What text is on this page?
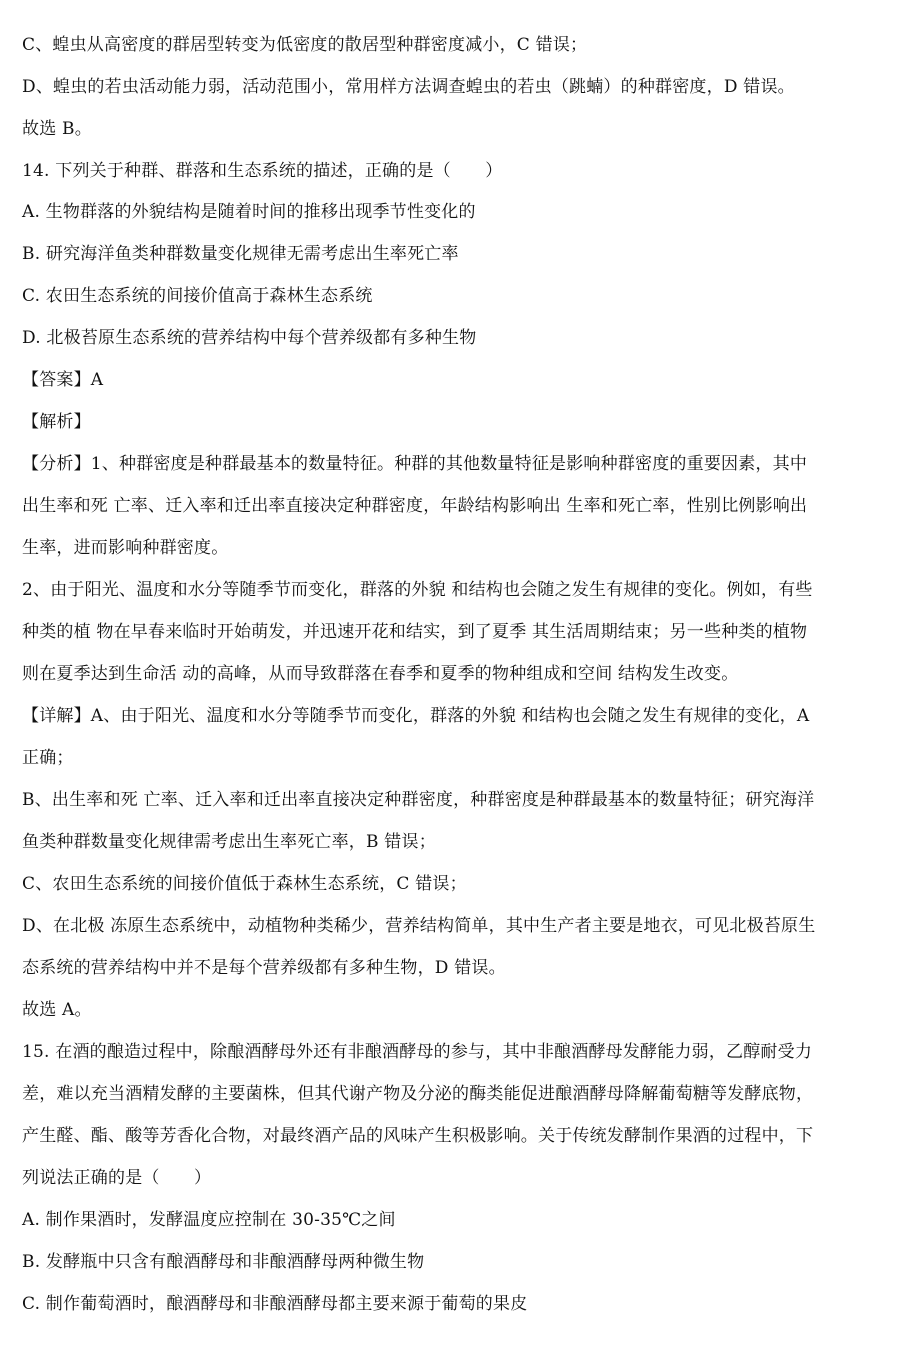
C、蝗虫从高密度的群居型转变为低密度的散居型种群密度减小，C 错误；
D、蝗虫的若虫活动能力弱，活动范围小，常用样方法调查蝗虫的若虫（跳蝻）的种群密度，D 错误。
故选 B。
14. 下列关于种群、群落和生态系统的描述，正确的是（　　）
A. 生物群落的外貌结构是随着时间的推移出现季节性变化的
B. 研究海洋鱼类种群数量变化规律无需考虑出生率死亡率
C. 农田生态系统的间接价值高于森林生态系统
D. 北极苔原生态系统的营养结构中每个营养级都有多种生物
【答案】A
【解析】
【分析】1、种群密度是种群最基本的数量特征。种群的其他数量特征是影响种群密度的重要因素，其中
出生率和死 亡率、迁入率和迁出率直接决定种群密度，年龄结构影响出 生率和死亡率，性别比例影响出
生率，进而影响种群密度。
2、由于阳光、温度和水分等随季节而变化，群落的外貌 和结构也会随之发生有规律的变化。例如，有些
种类的植 物在早春来临时开始萌发，并迅速开花和结实，到了夏季 其生活周期结束；另一些种类的植物
则在夏季达到生命活 动的高峰，从而导致群落在春季和夏季的物种组成和空间 结构发生改变。
【详解】A、由于阳光、温度和水分等随季节而变化，群落的外貌 和结构也会随之发生有规律的变化，A
正确；
B、出生率和死 亡率、迁入率和迁出率直接决定种群密度，种群密度是种群最基本的数量特征；研究海洋
鱼类种群数量变化规律需考虑出生率死亡率，B 错误；
C、农田生态系统的间接价值低于森林生态系统，C 错误；
D、在北极 冻原生态系统中，动植物种类稀少，营养结构简单，其中生产者主要是地衣，可见北极苔原生
态系统的营养结构中并不是每个营养级都有多种生物，D 错误。
故选 A。
15. 在酒的酿造过程中，除酿酒酵母外还有非酿酒酵母的参与，其中非酿酒酵母发酵能力弱，乙醇耐受力
差，难以充当酒精发酵的主要菌株，但其代谢产物及分泌的酶类能促进酿酒酵母降解葡萄糖等发酵底物，
产生醛、酯、酸等芳香化合物，对最终酒产品的风味产生积极影响。关于传统发酵制作果酒的过程中，下
列说法正确的是（　　）
A. 制作果酒时，发酵温度应控制在 30-35℃之间
B. 发酵瓶中只含有酿酒酵母和非酿酒酵母两种微生物
C. 制作葡萄酒时，酿酒酵母和非酿酒酵母都主要来源于葡萄的果皮
